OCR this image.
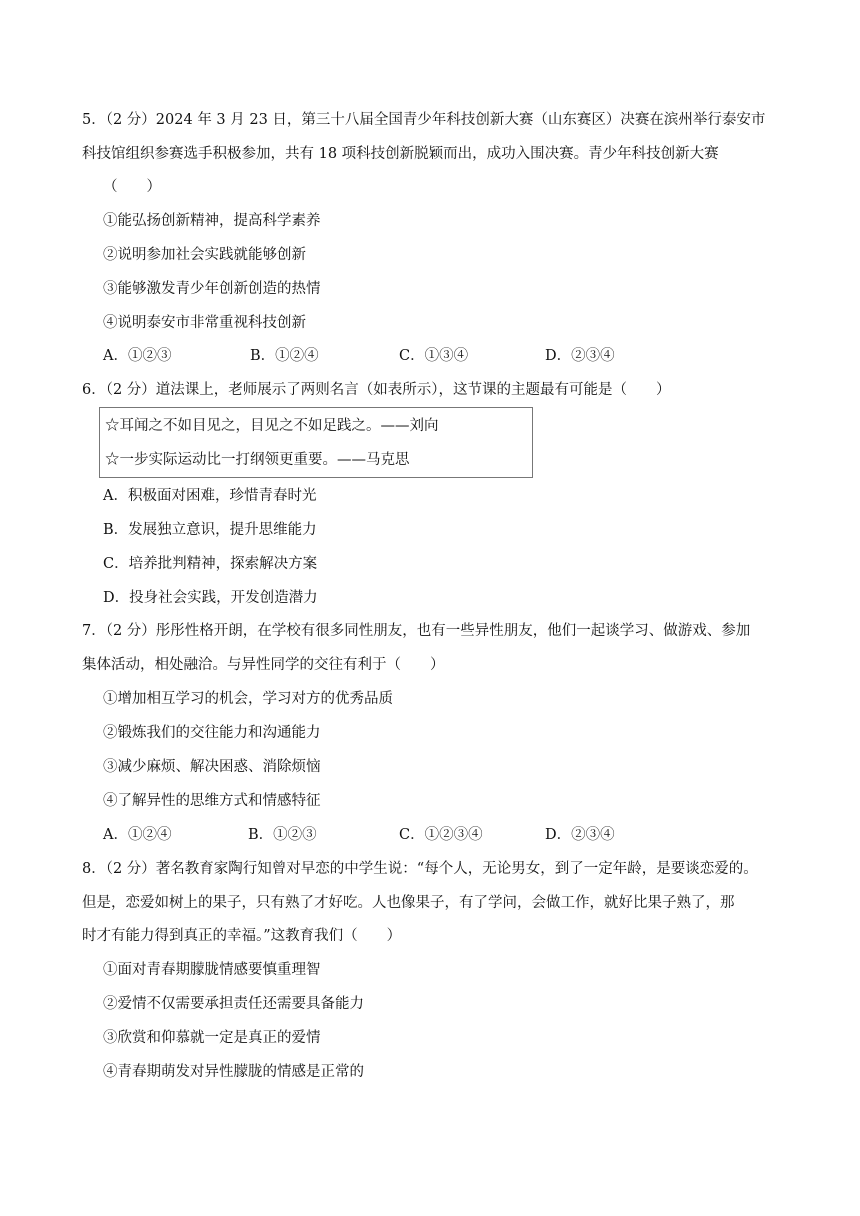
5．（2 分）2024 年 3 月 23 日，第三十八届全国青少年科技创新大赛（山东赛区）决赛在滨州举行泰安市
科技馆组织参赛选手积极参加，共有 18 项科技创新脱颖而出，成功入围决赛。青少年科技创新大赛
（　　）
①能弘扬创新精神，提高科学素养
②说明参加社会实践就能够创新
③能够激发青少年创新创造的热情
④说明泰安市非常重视科技创新
A．①②③	B．①②④	C．①③④	D．②③④
6．（2 分）道法课上，老师展示了两则名言（如表所示），这节课的主题最有可能是（　　）
☆耳闻之不如目见之，目见之不如足践之。——刘向
☆一步实际运动比一打纲领更重要。——马克思
A．积极面对困难，珍惜青春时光
B．发展独立意识，提升思维能力
C．培养批判精神，探索解决方案
D．投身社会实践，开发创造潜力
7．（2 分）彤彤性格开朗，在学校有很多同性朋友，也有一些异性朋友，他们一起谈学习、做游戏、参加
集体活动，相处融洽。与异性同学的交往有利于（　　）
①增加相互学习的机会，学习对方的优秀品质
②锻炼我们的交往能力和沟通能力
③减少麻烦、解决困惑、消除烦恼
④了解异性的思维方式和情感特征
A．①②④	B．①②③	C．①②③④	D．②③④
8．（2 分）著名教育家陶行知曾对早恋的中学生说：“每个人，无论男女，到了一定年龄，是要谈恋爱的。
但是，恋爱如树上的果子，只有熟了才好吃。人也像果子，有了学问，会做工作，就好比果子熟了，那
时才有能力得到真正的幸福。”这教育我们（　　）
①面对青春期朦胧情感要慎重理智
②爱情不仅需要承担责任还需要具备能力
③欣赏和仰慕就一定是真正的爱情
④青春期萌发对异性朦胧的情感是正常的
